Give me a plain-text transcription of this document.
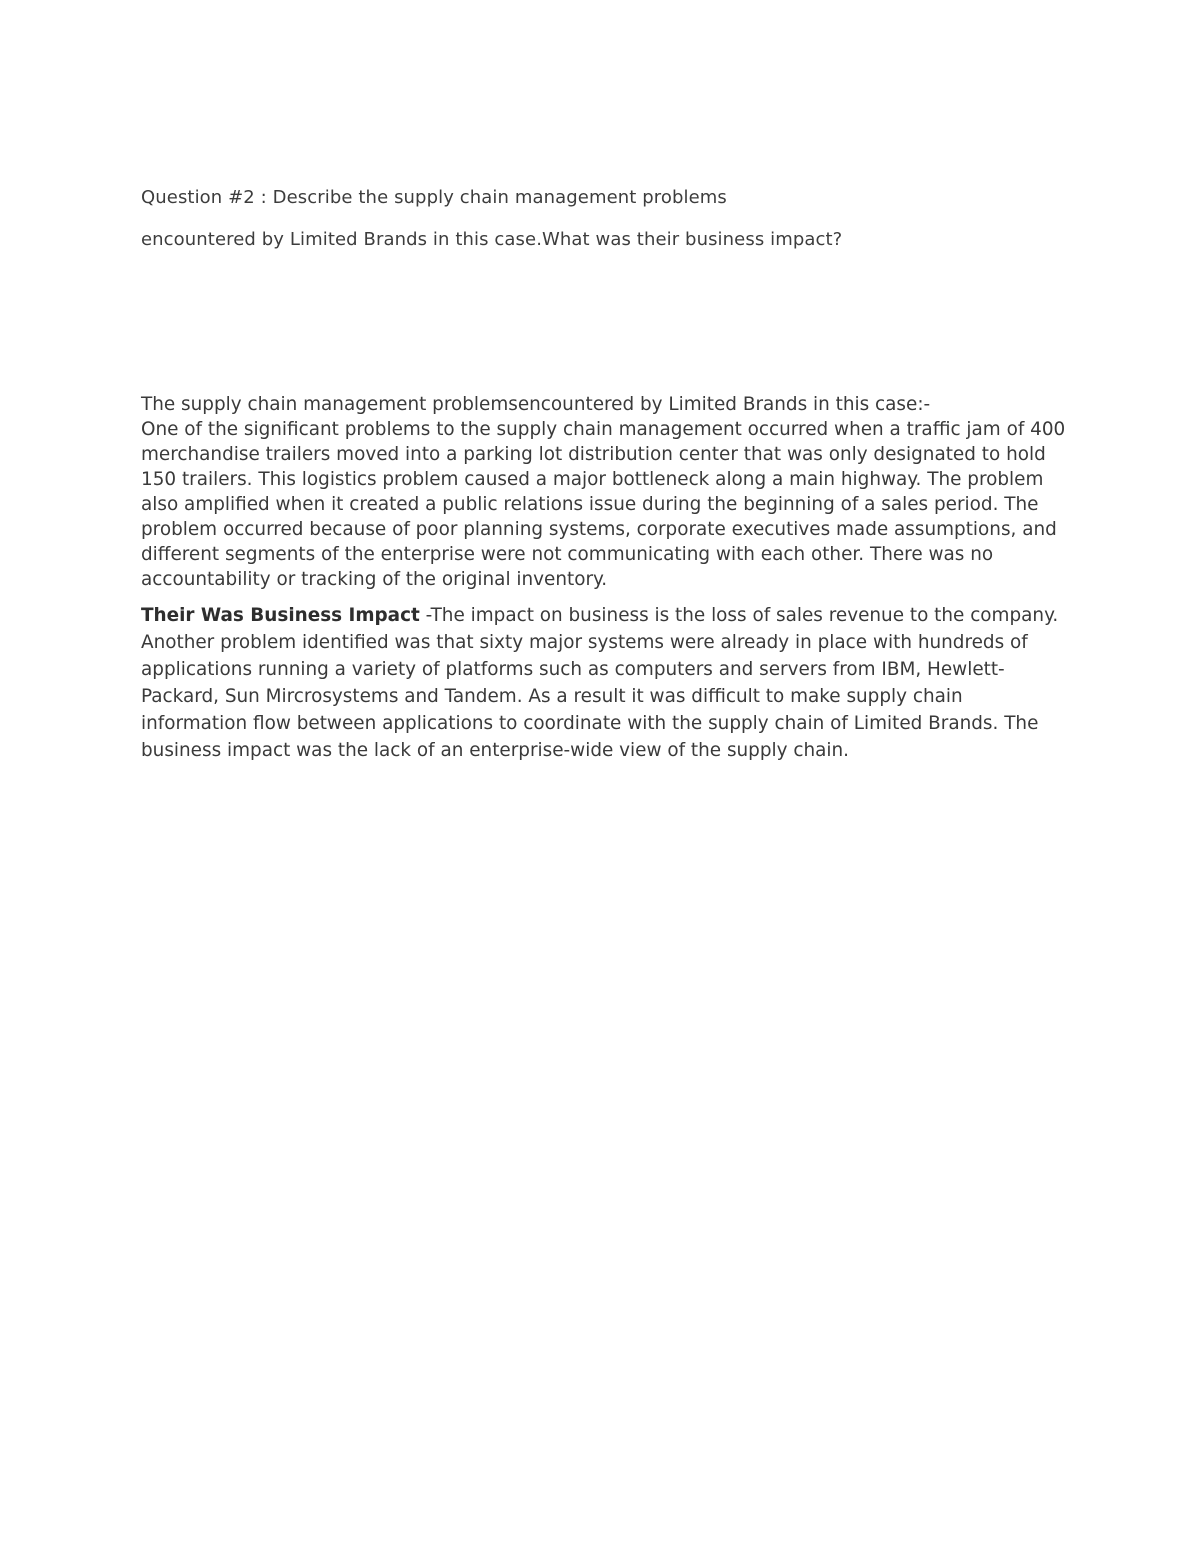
Question #2 : Describe the supply chain management problems

encountered by Limited Brands in this case.What was their business impact?

The supply chain management problemsencountered by Limited Brands in this case:-

One of the significant problems to the supply chain management occurred when a traffic jam of 400 merchandise trailers moved into a parking lot distribution center that was only designated to hold 150 trailers. This logistics problem caused a major bottleneck along a main highway. The problem also amplified when it created a public relations issue during the beginning of a sales period. The problem occurred because of poor planning systems, corporate executives made assumptions, and different segments of the enterprise were not communicating with each other. There was no accountability or tracking of the original inventory.

Their Was Business Impact -The impact on business is the loss of sales revenue to the company. Another problem identified was that sixty major systems were already in place with hundreds of applications running a variety of platforms such as computers and servers from IBM, Hewlett-Packard, Sun Mircrosystems and Tandem. As a result it was difficult to make supply chain information flow between applications to coordinate with the supply chain of Limited Brands. The business impact was the lack of an enterprise-wide view of the supply chain.
